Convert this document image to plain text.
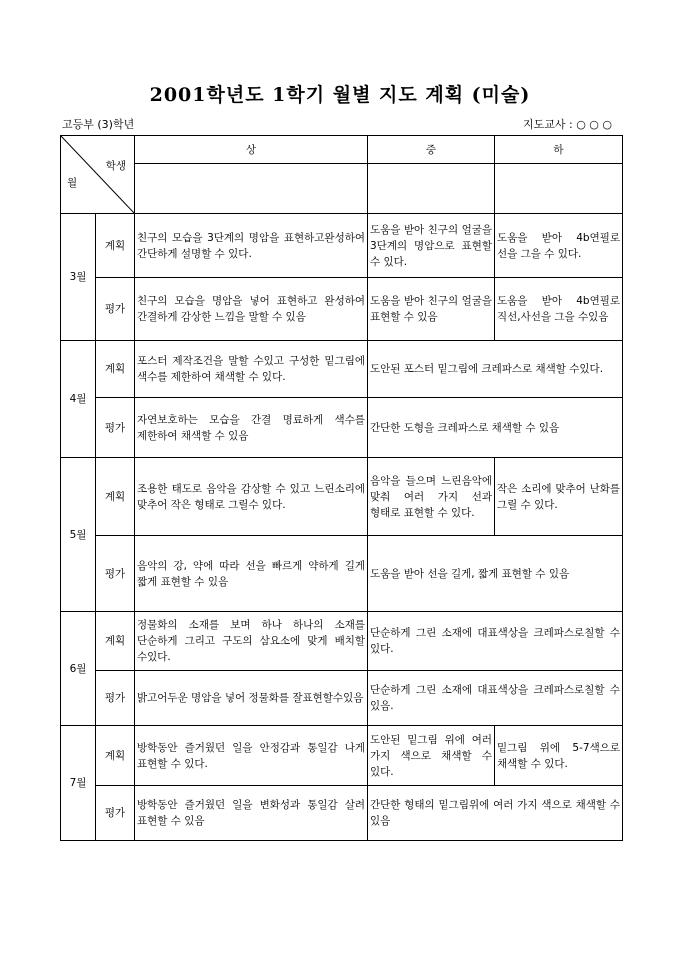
2001학년도 1학기 월별 지도 계획 (미술)
고등부 (3)학년	지도교사 : ○ ○ ○
학생
월		상	중	하

3월	계획	친구의 모습을 3단계의 명암을 표현하고완성하여 간단하게 설명할 수 있다.	도움을 받아 친구의 얼굴을 3단계의 명암으로 표현할 수 있다.	도움을 받아 4b연필로 선을 그을 수 있다.
	평가	친구의 모습을 명암을 넣어 표현하고 완성하여 간결하게 감상한 느낌을 말할 수 있음	도움을 받아 친구의 얼굴을 표현할 수 있음	도움을 받아 4b연필로 직선,사선을 그을 수있음
4월	계획	포스터 제작조건을 말할 수있고 구성한 밑그림에 색수를 제한하여 채색할 수 있다.	도안된 포스터 밑그림에 크레파스로 채색할 수있다.	
	평가	자연보호하는 모습을 간결 명료하게 색수를 제한하여 채색할 수 있음	간단한 도형을 크레파스로 채색할 수 있음	
5월	계획	조용한 태도로 음악을 감상할 수 있고 느린소리에 맞추어 작은 형태로 그릴수 있다.	음악을 들으며 느린음악에 맞춰 여러 가지 선과 형태로 표현할 수 있다.	작은 소리에 맞추어 난화를 그릴 수 있다.
	평가	음악의 강, 약에 따라 선을 빠르게 약하게 길게 짧게 표현할 수 있음	도움을 받아 선을 길게, 짧게 표현할 수 있음	
6월	계획	정물화의 소재를 보며 하나 하나의 소재를 단순하게 그리고 구도의 삼요소에 맞게 배치할 수있다.	단순하게 그린 소재에 대표색상을 크레파스로칠할 수 있다.	
	평가	밝고어두운 명암을 넣어 정물화를 잘표현할수있음	단순하게 그린 소재에 대표색상을 크레파스로칠할 수 있음.	
7월	계획	방학동안 즐거웠던 일을 안정감과 통일감 나게 표현할 수 있다.	도안된 밑그림 위에 여러 가지 색으로 채색할 수 있다.	밑그림 위에 5-7색으로 채색할 수 있다.
	평가	방학동안 즐거웠던 일을 변화성과 통일감 살려 표현할 수 있음	간단한 형태의 밑그림위에 여러 가지 색으로 채색할 수 있음	
